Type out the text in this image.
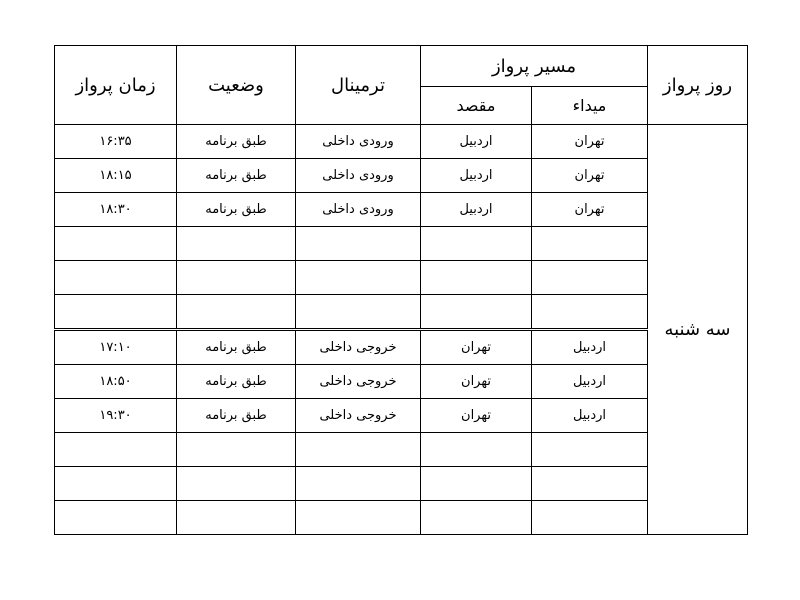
زمان پرواز	وضعیت	ترمینال	مسیر پرواز		روز پرواز
			مقصد	میداء	
۱۶:۳۵	طبق برنامه	ورودی داخلی	اردبیل	تهران	سه شنبه
۱۸:۱۵	طبق برنامه	ورودی داخلی	اردبیل	تهران	
۱۸:۳۰	طبق برنامه	ورودی داخلی	اردبیل	تهران	

۱۷:۱۰	طبق برنامه	خروجی داخلی	تهران	اردبیل	
۱۸:۵۰	طبق برنامه	خروجی داخلی	تهران	اردبیل	
۱۹:۳۰	طبق برنامه	خروجی داخلی	تهران	اردبیل	
